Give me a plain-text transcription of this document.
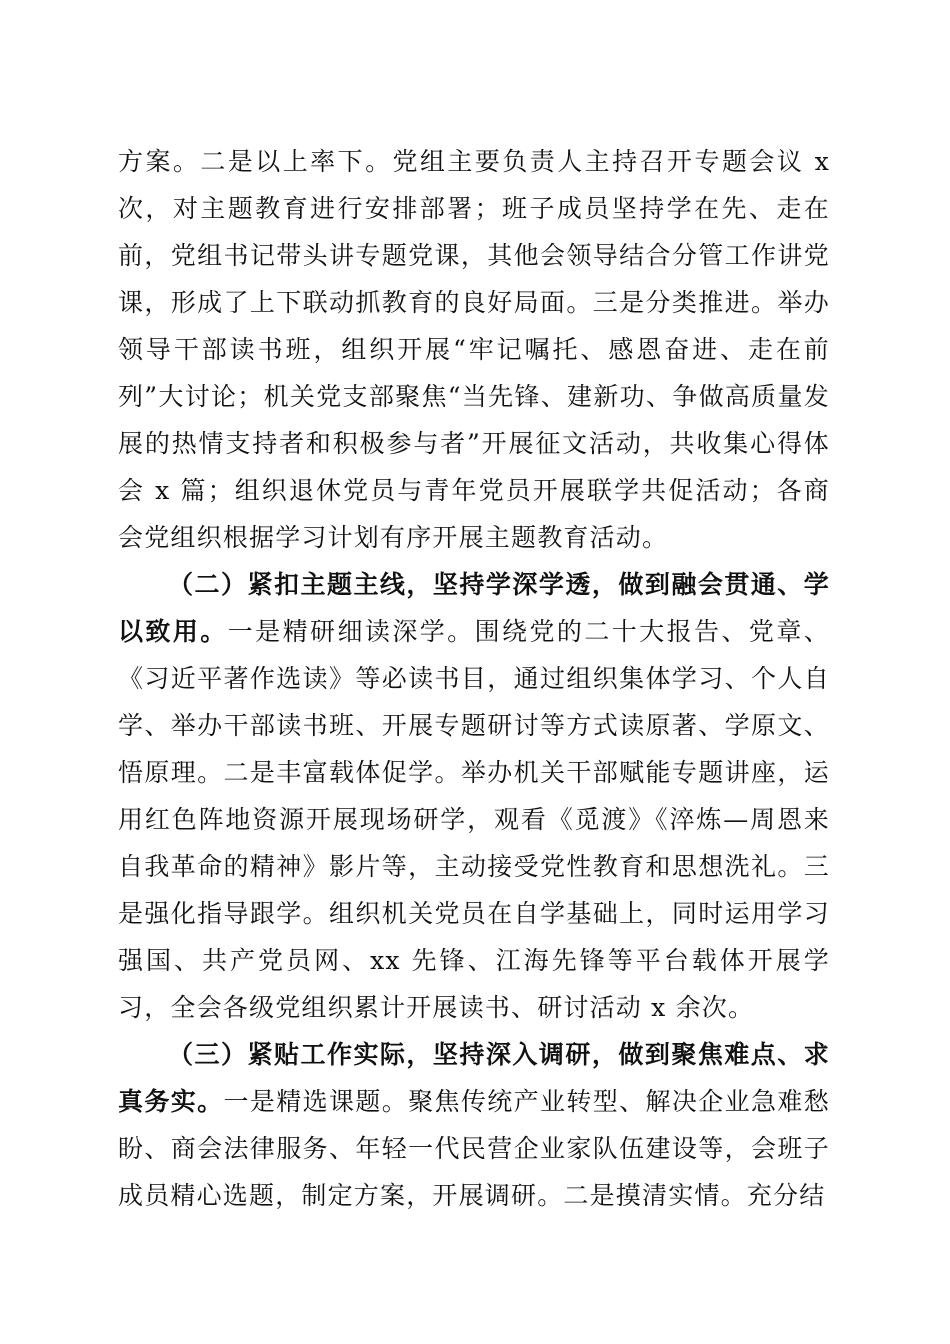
方案。二是以上率下。党组主要负责人主持召开专题会议 x 次，对主题教育进行安排部署；班子成员坚持学在先、走在前，党组书记带头讲专题党课，其他会领导结合分管工作讲党课，形成了上下联动抓教育的良好局面。三是分类推进。举办领导干部读书班，组织开展“牢记嘱托、感恩奋进、走在前列”大讨论；机关党支部聚焦“当先锋、建新功、争做高质量发展的热情支持者和积极参与者”开展征文活动，共收集心得体会 x 篇；组织退休党员与青年党员开展联学共促活动；各商会党组织根据学习计划有序开展主题教育活动。

（二）紧扣主题主线，坚持学深学透，做到融会贯通、学以致用。一是精研细读深学。围绕党的二十大报告、党章、《习近平著作选读》等必读书目，通过组织集体学习、个人自学、举办干部读书班、开展专题研讨等方式读原著、学原文、悟原理。二是丰富载体促学。举办机关干部赋能专题讲座，运用红色阵地资源开展现场研学，观看《觅渡》《淬炼—周恩来自我革命的精神》影片等，主动接受党性教育和思想洗礼。三是强化指导跟学。组织机关党员在自学基础上，同时运用学习强国、共产党员网、xx 先锋、江海先锋等平台载体开展学习，全会各级党组织累计开展读书、研讨活动 x 余次。

（三）紧贴工作实际，坚持深入调研，做到聚焦难点、求真务实。一是精选课题。聚焦传统产业转型、解决企业急难愁盼、商会法律服务、年轻一代民营企业家队伍建设等，会班子成员精心选题，制定方案，开展调研。二是摸清实情。充分结
